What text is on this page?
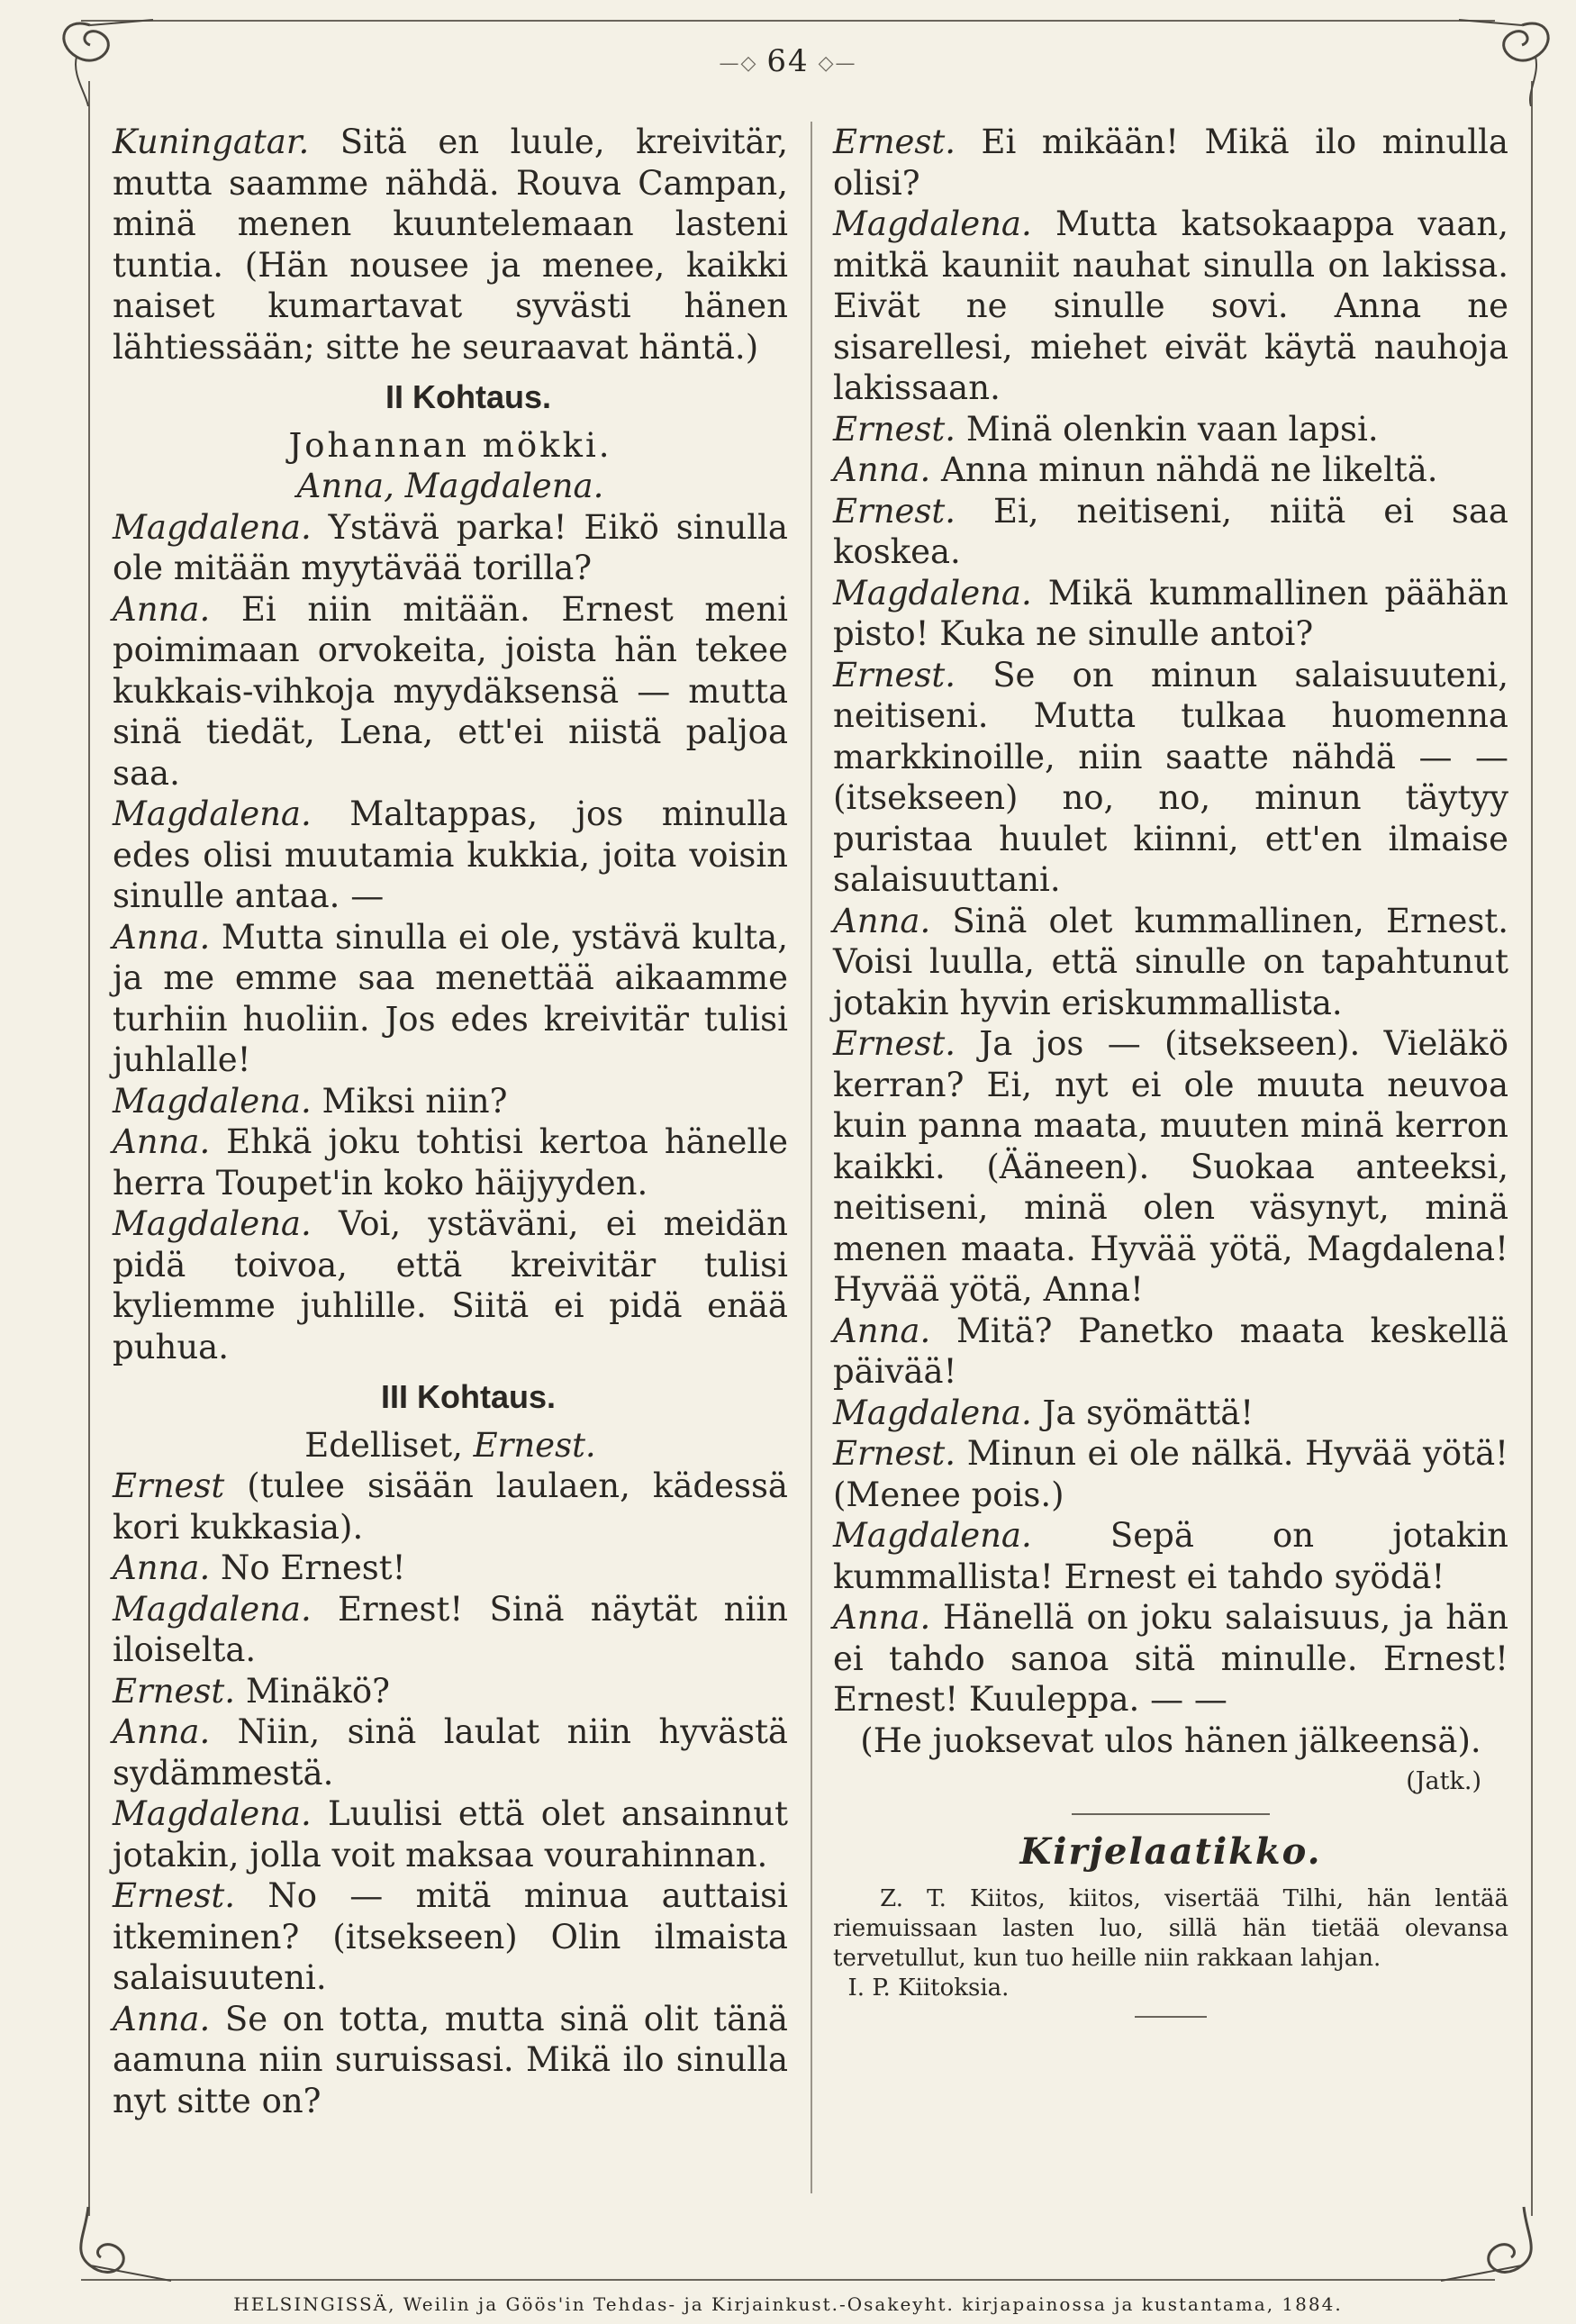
—◇ 64 ◇—

Kuningatar. Sitä en luule, kreivitär, mutta saamme nähdä. Rouva Campan, minä menen kuuntelemaan lasteni tuntia. (Hän nousee ja menee, kaikki naiset kumartavat syvästi hänen lähtiessään; sitte he seuraavat häntä.)

II Kohtaus.

Johannan mökki.

Anna, Magdalena.

Magdalena. Ystävä parka! Eikö sinulla ole mitään myytävää torilla?

Anna. Ei niin mitään. Ernest meni poimimaan orvokeita, joista hän tekee kukkais-vihkoja myydäksensä — mutta sinä tiedät, Lena, ett'ei niistä paljoa saa.

Magdalena. Maltappas, jos minulla edes olisi muutamia kukkia, joita voisin sinulle antaa. —

Anna. Mutta sinulla ei ole, ystävä kulta, ja me emme saa menettää aikaamme turhiin huoliin. Jos edes kreivitär tulisi juhlalle!

Magdalena. Miksi niin?

Anna. Ehkä joku tohtisi kertoa hänelle herra Toupet'in koko häijyyden.

Magdalena. Voi, ystäväni, ei meidän pidä toivoa, että kreivitär tulisi kyliemme juhlille. Siitä ei pidä enää puhua.

III Kohtaus.

Edelliset, Ernest.

Ernest (tulee sisään laulaen, kädessä kori kukkasia).

Anna. No Ernest!

Magdalena. Ernest! Sinä näytät niin iloiselta.

Ernest. Minäkö?

Anna. Niin, sinä laulat niin hyvästä sydämmestä.

Magdalena. Luulisi että olet ansainnut jotakin, jolla voit maksaa vourahinnan.

Ernest. No — mitä minua auttaisi itkeminen? (itsekseen) Olin ilmaista salaisuuteni.

Anna. Se on totta, mutta sinä olit tänä aamuna niin suruissasi. Mikä ilo sinulla nyt sitte on?

Ernest. Ei mikään! Mikä ilo minulla olisi?

Magdalena. Mutta katsokaappa vaan, mitkä kauniit nauhat sinulla on lakissa. Eivät ne sinulle sovi. Anna ne sisarellesi, miehet eivät käytä nauhoja lakissaan.

Ernest. Minä olenkin vaan lapsi.

Anna. Anna minun nähdä ne likeltä.

Ernest. Ei, neitiseni, niitä ei saa koskea.

Magdalena. Mikä kummallinen päähän pisto! Kuka ne sinulle antoi?

Ernest. Se on minun salaisuuteni, neitiseni. Mutta tulkaa huomenna markkinoille, niin saatte nähdä — — (itsekseen) no, no, minun täytyy puristaa huulet kiinni, ett'en ilmaise salaisuuttani.

Anna. Sinä olet kummallinen, Ernest. Voisi luulla, että sinulle on tapahtunut jotakin hyvin eriskummallista.

Ernest. Ja jos — (itsekseen). Vieläkö kerran? Ei, nyt ei ole muuta neuvoa kuin panna maata, muuten minä kerron kaikki. (Ääneen). Suokaa anteeksi, neitiseni, minä olen väsynyt, minä menen maata. Hyvää yötä, Magdalena! Hyvää yötä, Anna!

Anna. Mitä? Panetko maata keskellä päivää!

Magdalena. Ja syömättä!

Ernest. Minun ei ole nälkä. Hyvää yötä! (Menee pois.)

Magdalena. Sepä on jotakin kummallista! Ernest ei tahdo syödä!

Anna. Hänellä on joku salaisuus, ja hän ei tahdo sanoa sitä minulle. Ernest! Ernest! Kuuleppa. — —

(He juoksevat ulos hänen jälkeensä).

(Jatk.)

Kirjelaatikko.

Z. T. Kiitos, kiitos, visertää Tilhi, hän lentää riemuissaan lasten luo, sillä hän tietää olevansa tervetullut, kun tuo heille niin rakkaan lahjan.

I. P. Kiitoksia.

HELSINGISSÄ, Weilin ja Göös'in Tehdas- ja Kirjainkust.-Osakeyht. kirjapainossa ja kustantama, 1884.
